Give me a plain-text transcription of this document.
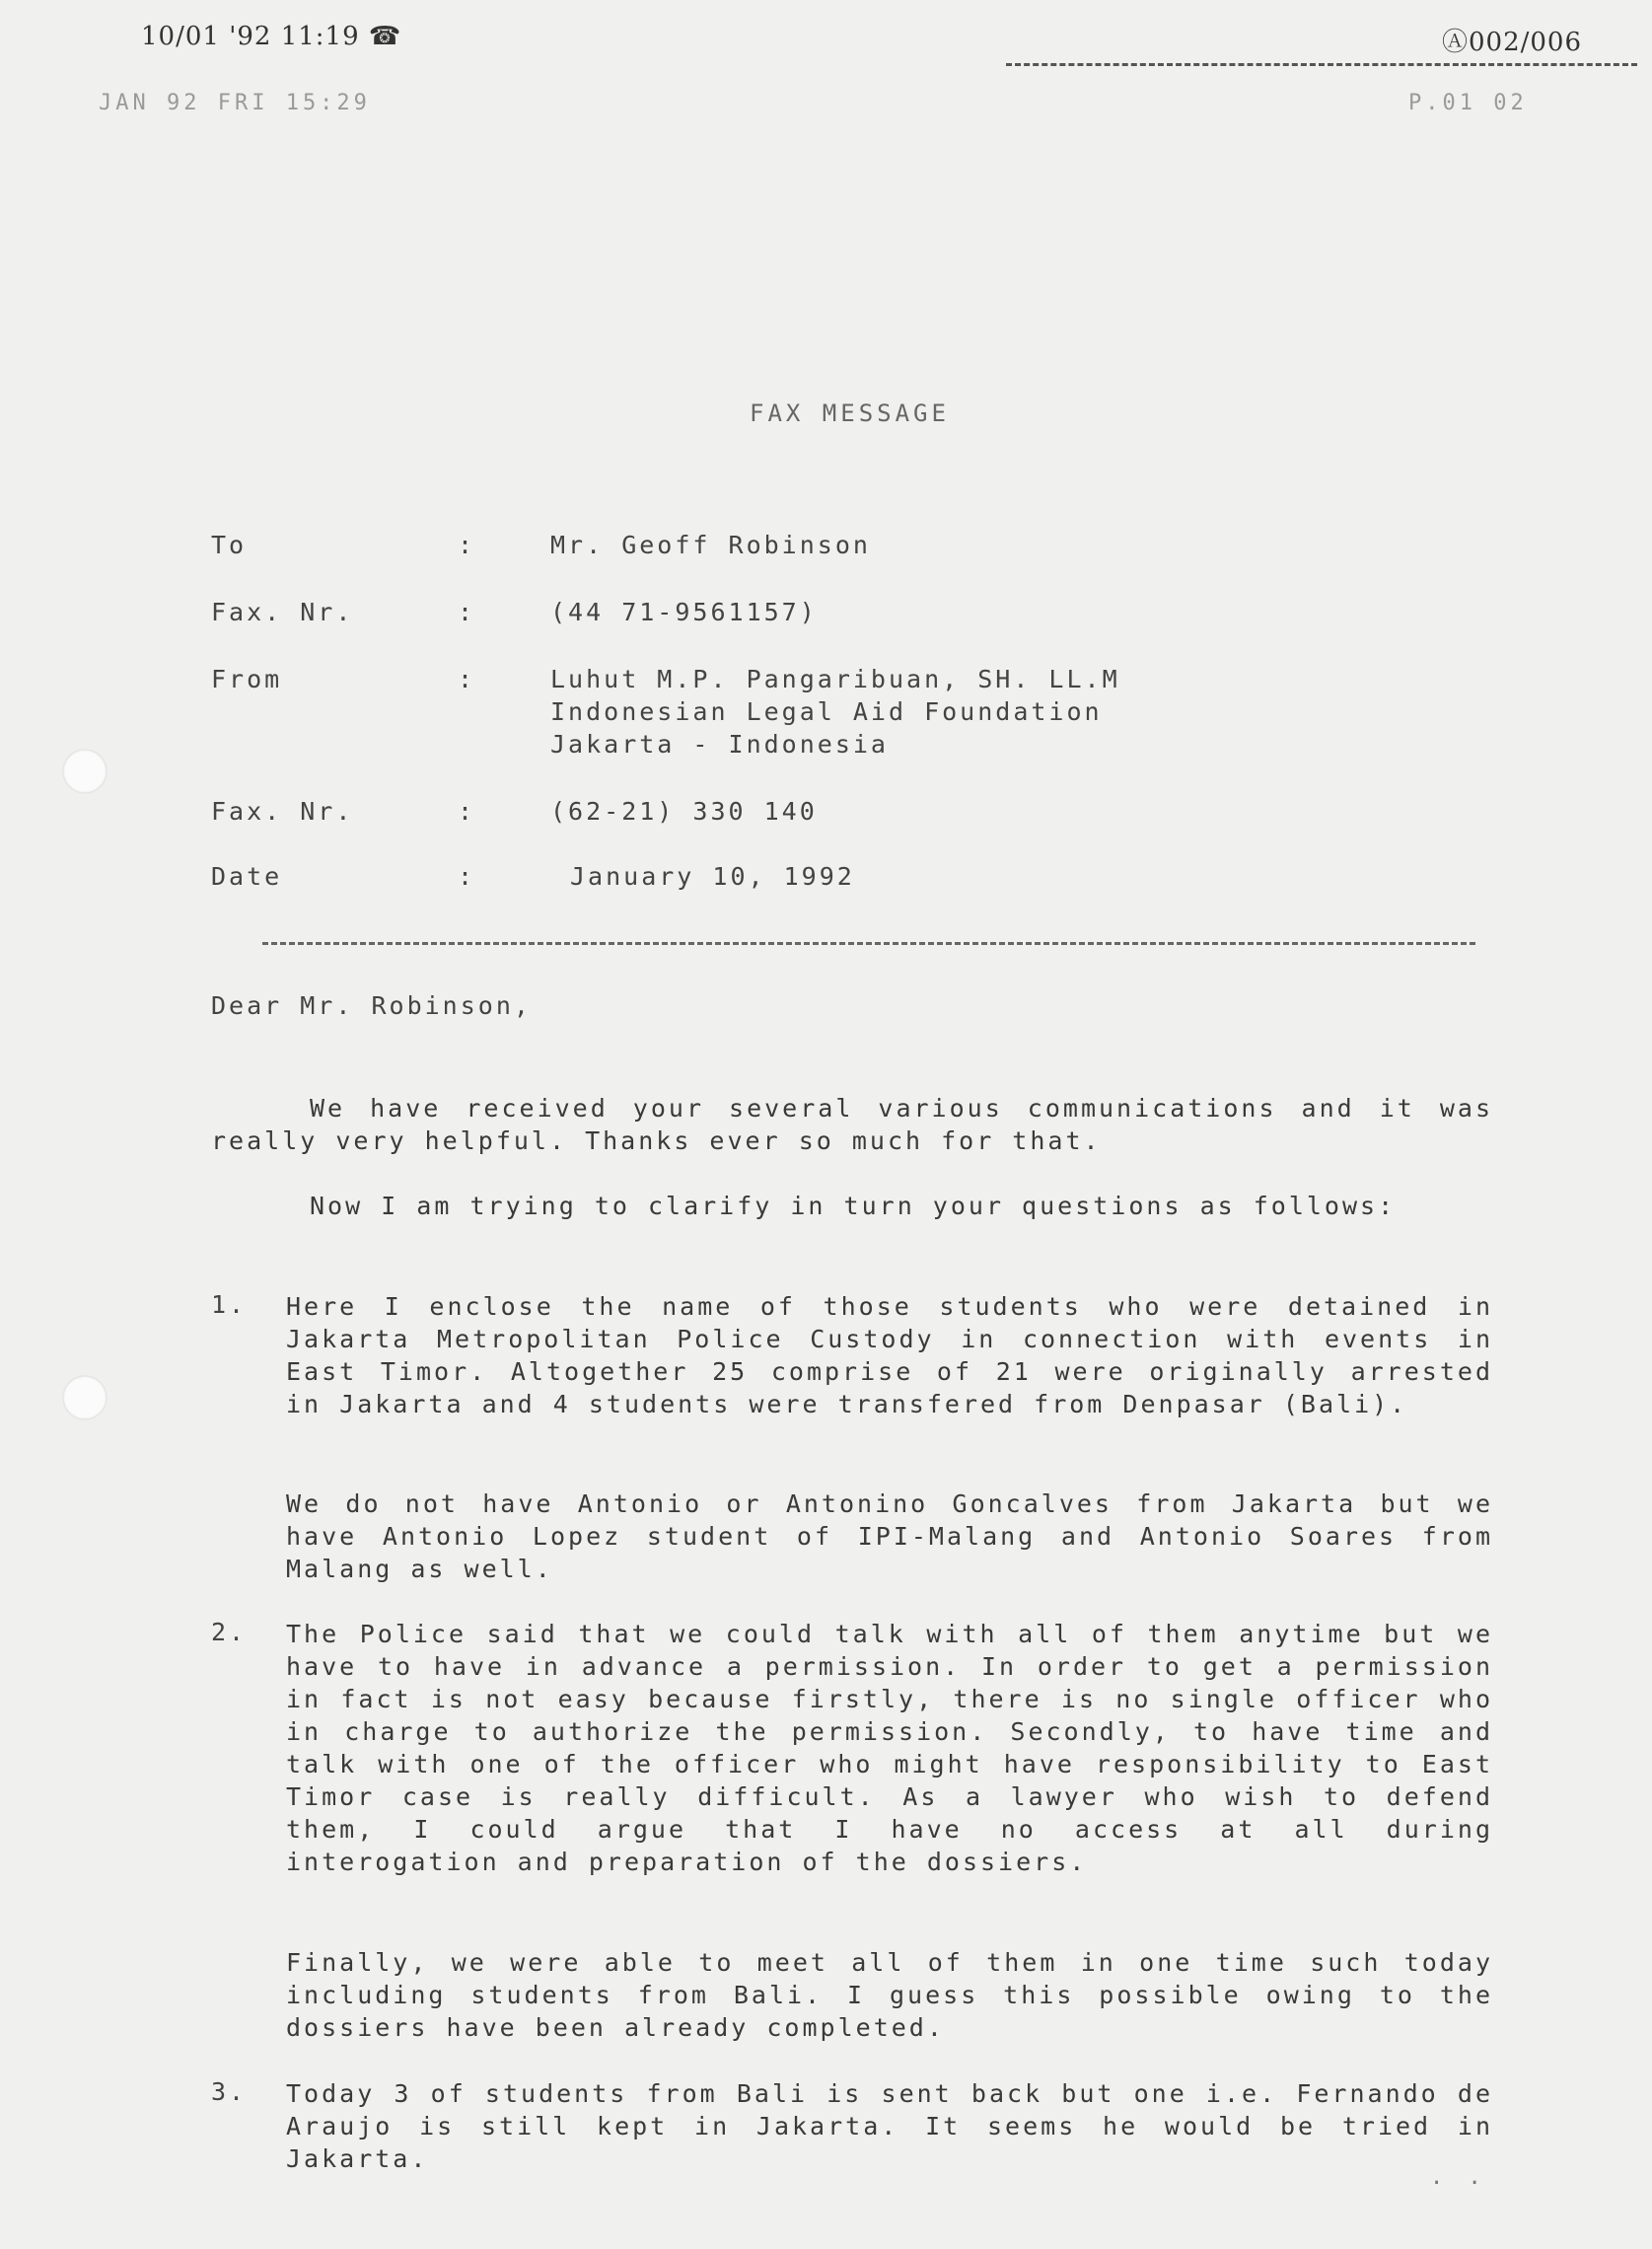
10/01 '92 11:19 ☎	Ⓐ002/006
JAN 92 FRI 15:29	P.01 02
FAX MESSAGE
To	:	Mr. Geoff Robinson
Fax. Nr.	:	(44 71-9561157)
From	:	Luhut M.P. Pangaribuan, SH. LL.M
Indonesian Legal Aid Foundation
Jakarta - Indonesia
Fax. Nr.	:	(62-21) 330 140
Date	:	January 10, 1992
Dear Mr. Robinson,
We have received your several various communications and it was really very helpful. Thanks ever so much for that.
Now I am trying to clarify in turn your questions as follows:
1. Here I enclose the name of those students who were detained in Jakarta Metropolitan Police Custody in connection with events in East Timor. Altogether 25 comprise of 21 were originally arrested in Jakarta and 4 students were transfered from Denpasar (Bali).
We do not have Antonio or Antonino Goncalves from Jakarta but we have Antonio Lopez student of IPI-Malang and Antonio Soares from Malang as well.
2. The Police said that we could talk with all of them anytime but we have to have in advance a permission. In order to get a permission in fact is not easy because firstly, there is no single officer who in charge to authorize the permission. Secondly, to have time and talk with one of the officer who might have responsibility to East Timor case is really difficult. As a lawyer who wish to defend them, I could argue that I have no access at all during interogation and preparation of the dossiers.
Finally, we were able to meet all of them in one time such today including students from Bali. I guess this possible owing to the dossiers have been already completed.
3. Today 3 of students from Bali is sent back but one i.e. Fernando de Araujo is still kept in Jakarta. It seems he would be tried in Jakarta.
. .
